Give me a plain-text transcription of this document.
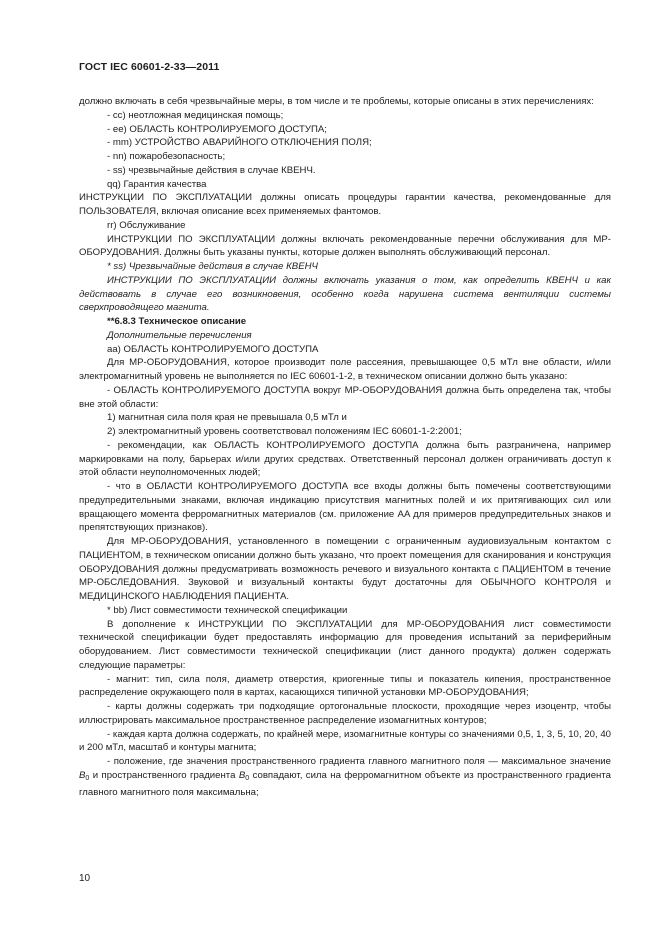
ГОСТ IEC 60601-2-33—2011

должно включать в себя чрезвычайные меры, в том числе и те проблемы, которые описаны в этих перечислениях:

- cc) неотложная медицинская помощь;

- ee) ОБЛАСТЬ КОНТРОЛИРУЕМОГО ДОСТУПА;

- mm) УСТРОЙСТВО АВАРИЙНОГО ОТКЛЮЧЕНИЯ ПОЛЯ;

- nn) пожаробезопасность;

- ss) чрезвычайные действия в случае КВЕНЧ.

qq) Гарантия качества

ИНСТРУКЦИИ ПО ЭКСПЛУАТАЦИИ должны описать процедуры гарантии качества, рекомендованные для ПОЛЬЗОВАТЕЛЯ, включая описание всех применяемых фантомов.

rr) Обслуживание

ИНСТРУКЦИИ ПО ЭКСПЛУАТАЦИИ должны включать рекомендованные перечни обслуживания для МР-ОБОРУДОВАНИЯ. Должны быть указаны пункты, которые должен выполнять обслуживающий персонал.

* ss) Чрезвычайные действия в случае КВЕНЧ

ИНСТРУКЦИИ ПО ЭКСПЛУАТАЦИИ должны включать указания о том, как определить КВЕНЧ и как действовать в случае его возникновения, особенно когда нарушена система вентиляции системы сверхпроводящего магнита.

**6.8.3 Техническое описание

Дополнительные перечисления

aa) ОБЛАСТЬ КОНТРОЛИРУЕМОГО ДОСТУПА

Для МР-ОБОРУДОВАНИЯ, которое производит поле рассеяния, превышающее 0,5 мТл вне области, и/или электромагнитный уровень не выполняется по IEC 60601-1-2, в техническом описании должно быть указано:

- ОБЛАСТЬ КОНТРОЛИРУЕМОГО ДОСТУПА вокруг МР-ОБОРУДОВАНИЯ должна быть определена так, чтобы вне этой области:

1) магнитная сила поля края не превышала 0,5 мТл и

2) электромагнитный уровень соответствовал положениям IEC 60601-1-2:2001;

- рекомендации, как ОБЛАСТЬ КОНТРОЛИРУЕМОГО ДОСТУПА должна быть разграничена, например маркировками на полу, барьерах и/или других средствах. Ответственный персонал должен ограничивать доступ к этой области неуполномоченных людей;

- что в ОБЛАСТИ КОНТРОЛИРУЕМОГО ДОСТУПА все входы должны быть помечены соответствующими предупредительными знаками, включая индикацию присутствия магнитных полей и их притягивающих сил или вращающего момента ферромагнитных материалов (см. приложение AA для примеров предупредительных знаков и препятствующих признаков).

Для МР-ОБОРУДОВАНИЯ, установленного в помещении с ограниченным аудиовизуальным контактом с ПАЦИЕНТОМ, в техническом описании должно быть указано, что проект помещения для сканирования и конструкция ОБОРУДОВАНИЯ должны предусматривать возможность речевого и визуального контакта с ПАЦИЕНТОМ в течение МР-ОБСЛЕДОВАНИЯ. Звуковой и визуальный контакты будут достаточны для ОБЫЧНОГО КОНТРОЛЯ и МЕДИЦИНСКОГО НАБЛЮДЕНИЯ ПАЦИЕНТА.

* bb) Лист совместимости технической спецификации

В дополнение к ИНСТРУКЦИИ ПО ЭКСПЛУАТАЦИИ для МР-ОБОРУДОВАНИЯ лист совместимости технической спецификации будет предоставлять информацию для проведения испытаний за периферийным оборудованием. Лист совместимости технической спецификации (лист данного продукта) должен содержать следующие параметры:

- магнит: тип, сила поля, диаметр отверстия, криогенные типы и показатель кипения, пространственное распределение окружающего поля в картах, касающихся типичной установки МР-ОБОРУДОВАНИЯ;

- карты должны содержать три подходящие ортогональные плоскости, проходящие через изоцентр, чтобы иллюстрировать максимальное пространственное распределение изомагнитных контуров;

- каждая карта должна содержать, по крайней мере, изомагнитные контуры со значениями 0,5, 1, 3, 5, 10, 20, 40 и 200 мТл, масштаб и контуры магнита;

- положение, где значения пространственного градиента главного магнитного поля — максимальное значение $B_0$ и пространственного градиента $B_0$ совпадают, сила на ферромагнитном объекте из пространственного градиента главного магнитного поля максимальна;

10
